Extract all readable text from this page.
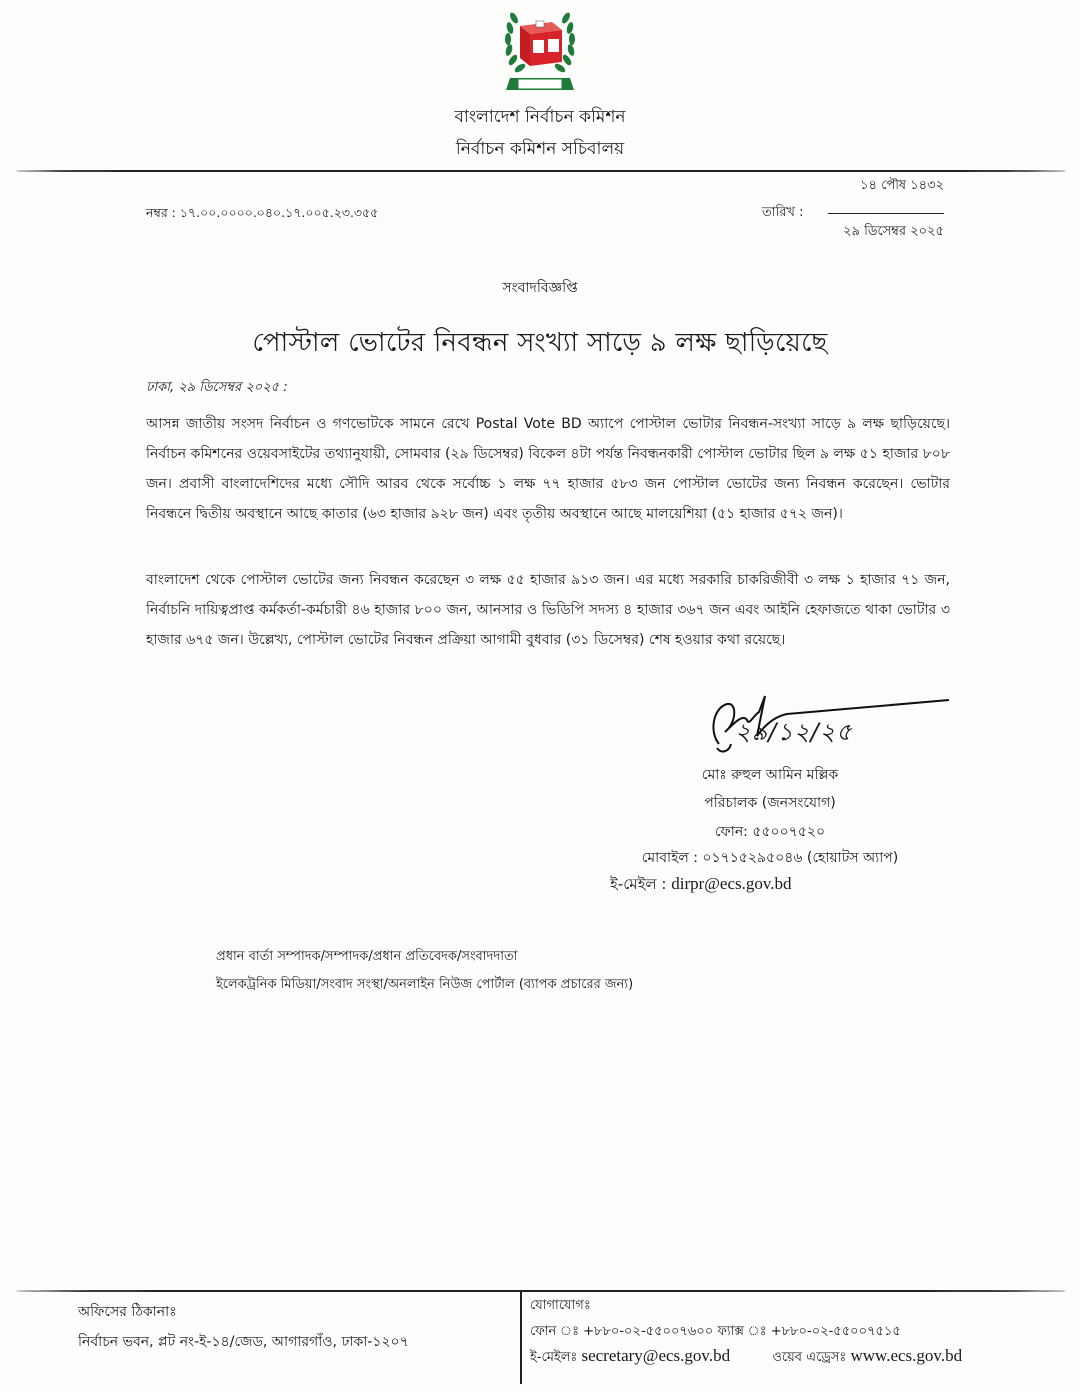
বাংলাদেশ নির্বাচন কমিশন
নির্বাচন কমিশন সচিবালয়
১৪ পৌষ ১৪৩২
নম্বর : ১৭.০০.০০০০.০৪০.১৭.০০৫.২৩.৩৫৫	তারিখ :
২৯ ডিসেম্বর ২০২৫
সংবাদবিজ্ঞপ্তি
পোস্টাল ভোটের নিবন্ধন সংখ্যা সাড়ে ৯ লক্ষ ছাড়িয়েছে
ঢাকা, ২৯ ডিসেম্বর ২০২৫ :
আসন্ন জাতীয় সংসদ নির্বাচন ও গণভোটকে সামনে রেখে Postal Vote BD অ্যাপে পোস্টাল ভোটার নিবন্ধন-সংখ্যা সাড়ে ৯ লক্ষ ছাড়িয়েছে। নির্বাচন কমিশনের ওয়েবসাইটের তথ্যানুযায়ী, সোমবার (২৯ ডিসেম্বর) বিকেল ৪টা পর্যন্ত নিবন্ধনকারী পোস্টাল ভোটার ছিল ৯ লক্ষ ৫১ হাজার ৮০৮ জন। প্রবাসী বাংলাদেশিদের মধ্যে সৌদি আরব থেকে সর্বোচ্চ ১ লক্ষ ৭৭ হাজার ৫৮৩ জন পোস্টাল ভোটের জন্য নিবন্ধন করেছেন। ভোটার নিবন্ধনে দ্বিতীয় অবস্থানে আছে কাতার (৬৩ হাজার ৯২৮ জন) এবং তৃতীয় অবস্থানে আছে মালয়েশিয়া (৫১ হাজার ৫৭২ জন)।
বাংলাদেশ থেকে পোস্টাল ভোটের জন্য নিবন্ধন করেছেন ৩ লক্ষ ৫৫ হাজার ৯১৩ জন। এর মধ্যে সরকারি চাকরিজীবী ৩ লক্ষ ১ হাজার ৭১ জন, নির্বাচনি দায়িত্বপ্রাপ্ত কর্মকর্তা-কর্মচারী ৪৬ হাজার ৮০০ জন, আনসার ও ভিডিপি সদস্য ৪ হাজার ৩৬৭ জন এবং আইনি হেফাজতে থাকা ভোটার ৩ হাজার ৬৭৫ জন। উল্লেখ্য, পোস্টাল ভোটের নিবন্ধন প্রক্রিয়া আগামী বুধবার (৩১ ডিসেম্বর) শেষ হওয়ার কথা রয়েছে।
২৯/১২/২৫
মোঃ রুহুল আমিন মল্লিক
পরিচালক (জনসংযোগ)
ফোন: ৫৫০০৭৫২০
মোবাইল : ০১৭১৫২৯৫০৪৬ (হোয়াটস অ্যাপ)
ই-মেইল : dirpr@ecs.gov.bd
প্রধান বার্তা সম্পাদক/সম্পাদক/প্রধান প্রতিবেদক/সংবাদদাতা
ইলেকট্রনিক মিডিয়া/সংবাদ সংস্থা/অনলাইন নিউজ পোর্টাল (ব্যাপক প্রচারের জন্য)
অফিসের ঠিকানাঃ
নির্বাচন ভবন, প্লট নং-ই-১৪/জেড, আগারগাঁও, ঢাকা-১২০৭
যোগাযোগঃ
ফোন ঃ +৮৮০-০২-৫৫০০৭৬০০ ফ্যাক্স ঃ +৮৮০-০২-৫৫০০৭৫১৫
ই-মেইলঃ secretary@ecs.gov.bd	ওয়েব এড্রেসঃ www.ecs.gov.bd
